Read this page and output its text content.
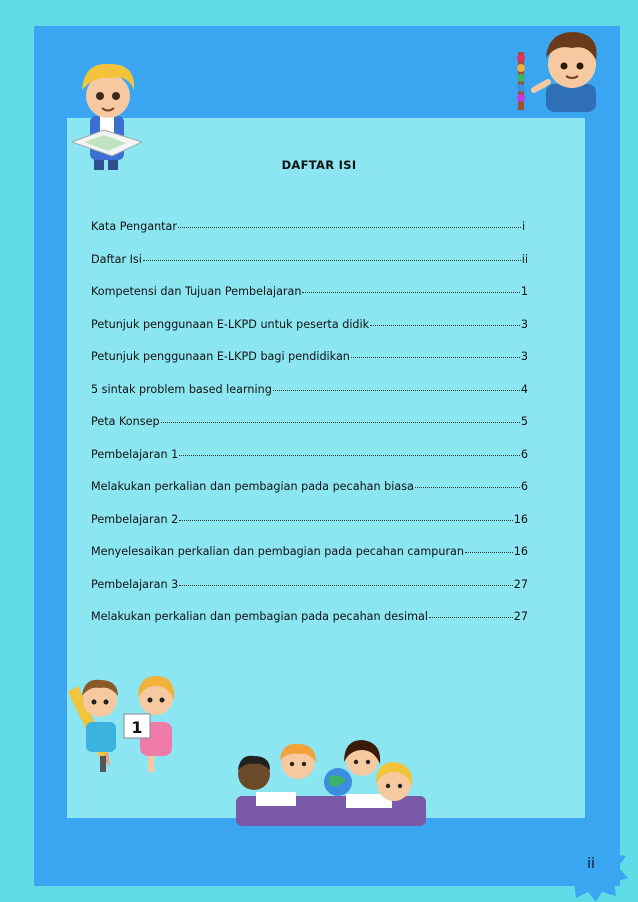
DAFTAR ISI
Kata Pengantar	i
Daftar Isi	ii
Kompetensi dan Tujuan Pembelajaran	1
Petunjuk penggunaan E-LKPD untuk peserta didik	3
Petunjuk penggunaan E-LKPD bagi pendidikan	3
5 sintak problem based learning	4
Peta Konsep	5
Pembelajaran 1	6
Melakukan perkalian dan pembagian pada pecahan biasa	6
Pembelajaran 2	16
Menyelesaikan perkalian dan pembagian pada pecahan campuran	16
Pembelajaran 3	27
Melakukan perkalian dan pembagian pada pecahan desimal	27
1
ii
